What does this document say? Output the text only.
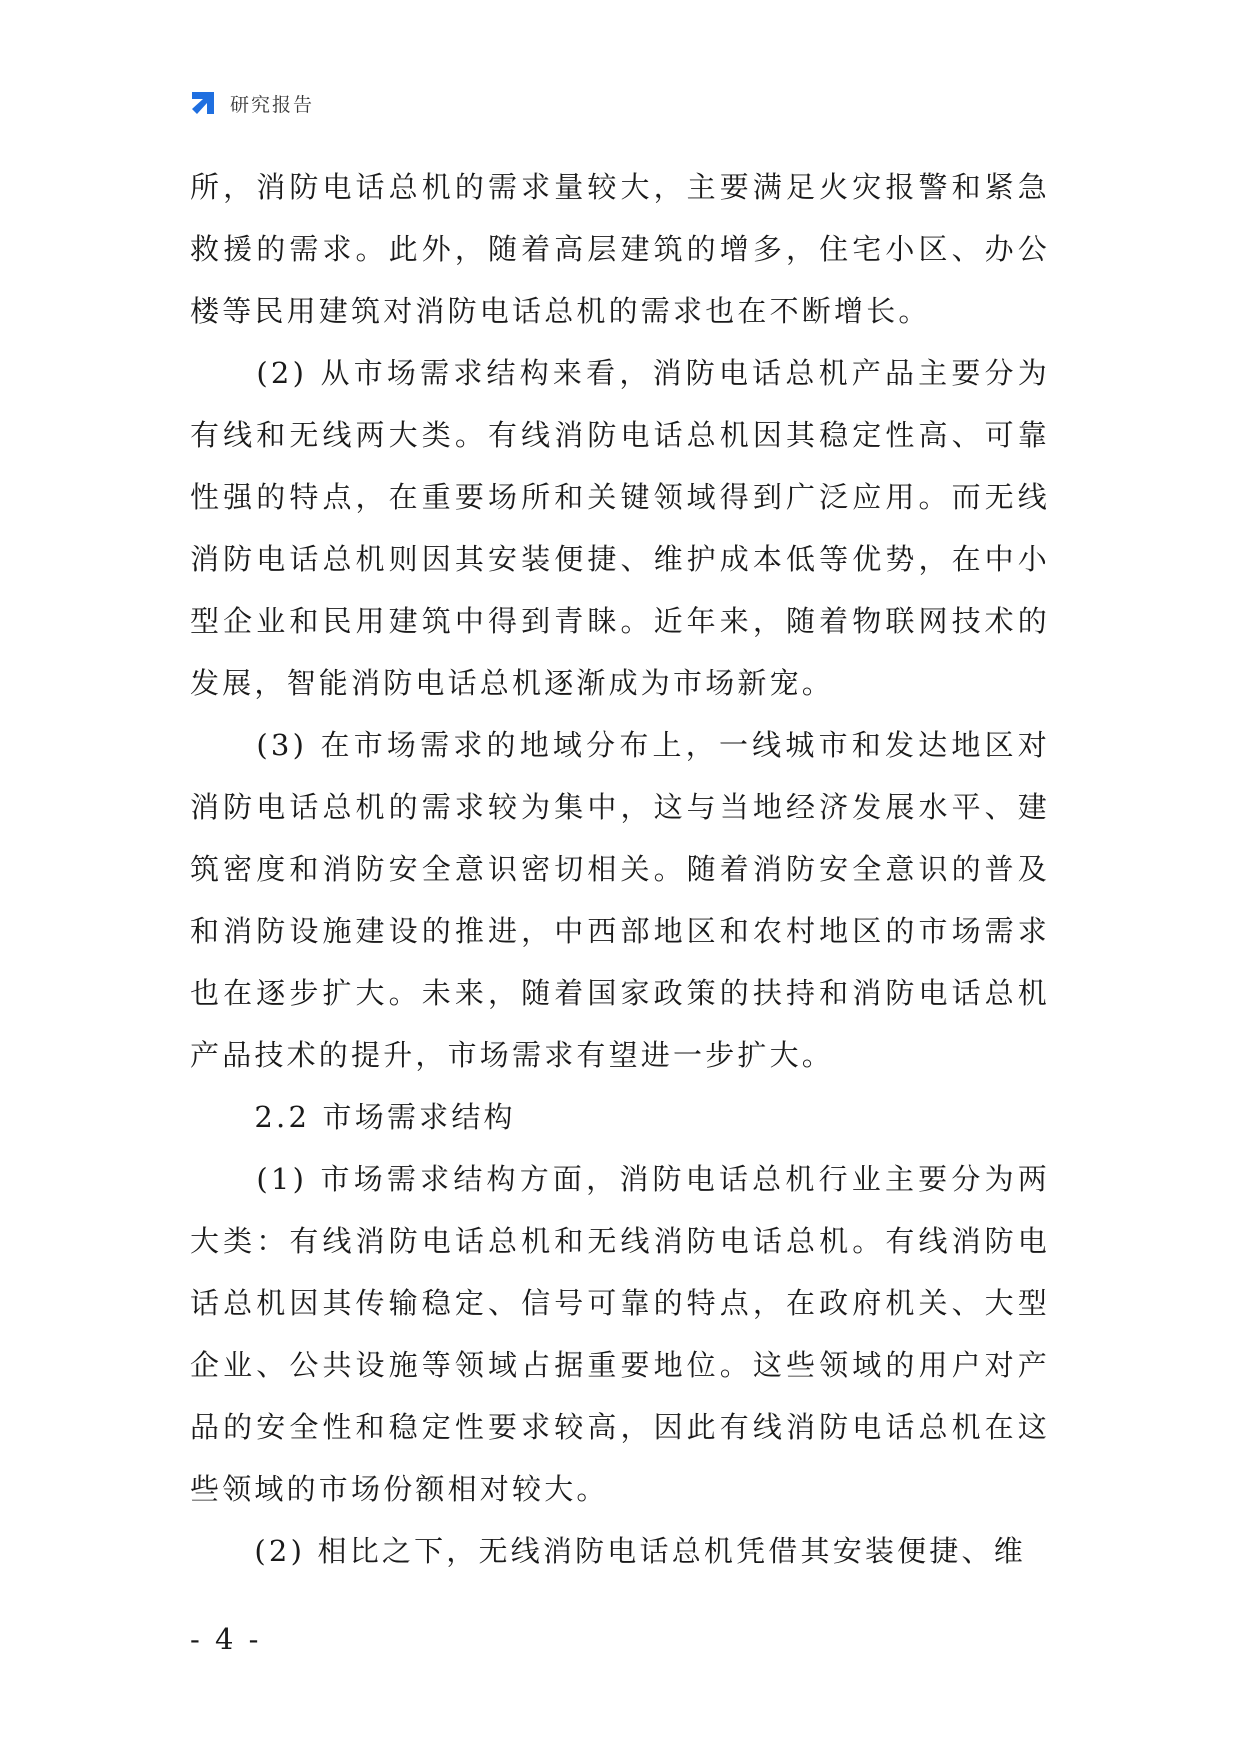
研究报告

所，消防电话总机的需求量较大，主要满足火灾报警和紧急救援的需求。此外，随着高层建筑的增多，住宅小区、办公楼等民用建筑对消防电话总机的需求也在不断增长。

　　(2) 从市场需求结构来看，消防电话总机产品主要分为有线和无线两大类。有线消防电话总机因其稳定性高、可靠性强的特点，在重要场所和关键领域得到广泛应用。而无线消防电话总机则因其安装便捷、维护成本低等优势，在中小型企业和民用建筑中得到青睐。近年来，随着物联网技术的发展，智能消防电话总机逐渐成为市场新宠。

　　(3) 在市场需求的地域分布上，一线城市和发达地区对消防电话总机的需求较为集中，这与当地经济发展水平、建筑密度和消防安全意识密切相关。随着消防安全意识的普及和消防设施建设的推进，中西部地区和农村地区的市场需求也在逐步扩大。未来，随着国家政策的扶持和消防电话总机产品技术的提升，市场需求有望进一步扩大。

　　2.2 市场需求结构

　　(1) 市场需求结构方面，消防电话总机行业主要分为两大类：有线消防电话总机和无线消防电话总机。有线消防电话总机因其传输稳定、信号可靠的特点，在政府机关、大型企业、公共设施等领域占据重要地位。这些领域的用户对产品的安全性和稳定性要求较高，因此有线消防电话总机在这些领域的市场份额相对较大。

　　(2) 相比之下，无线消防电话总机凭借其安装便捷、维

- 4 -
